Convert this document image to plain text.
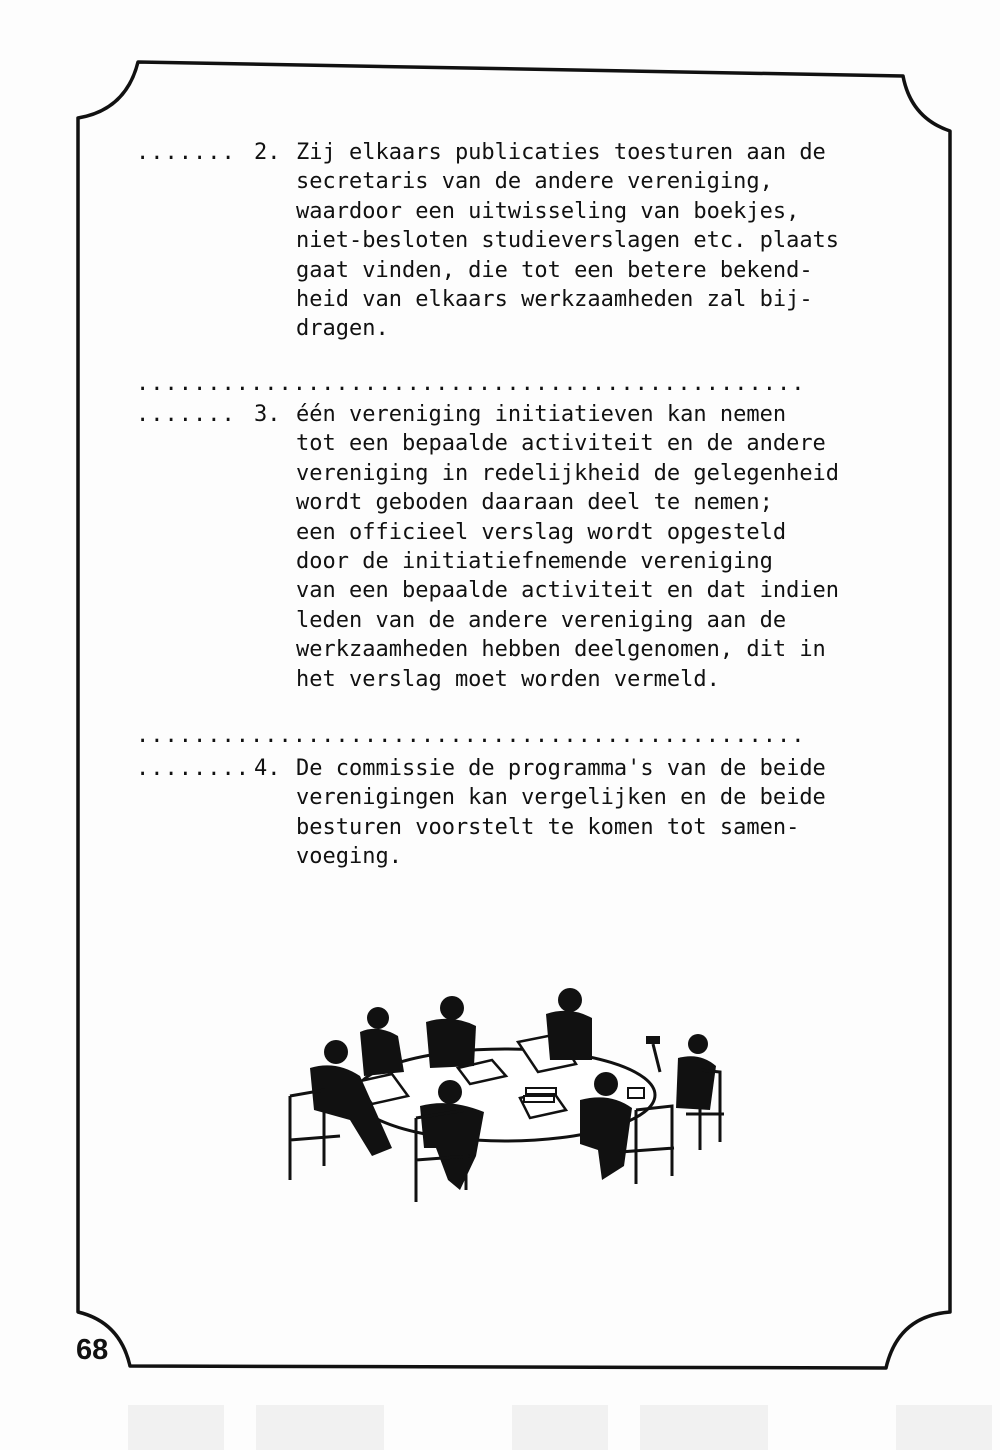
....... 2. Zij elkaars publicaties toesturen aan de
secretaris van de andere vereniging,
waardoor een uitwisseling van boekjes,
niet-besloten studieverslagen etc. plaats
gaat vinden, die tot een betere bekend-
heid van elkaars werkzaamheden zal bij-
dragen.
...............................................
....... 3. één vereniging initiatieven kan nemen
tot een bepaalde activiteit en de andere
vereniging in redelijkheid de gelegenheid
wordt geboden daaraan deel te nemen;
een officieel verslag wordt opgesteld
door de initiatiefnemende vereniging
van een bepaalde activiteit en dat indien
leden van de andere vereniging aan de
werkzaamheden hebben deelgenomen, dit in
het verslag moet worden vermeld.
...............................................
........ 4. De commissie de programma's van de beide
verenigingen kan vergelijken en de beide
besturen voorstelt te komen tot samen-
voeging.
68
